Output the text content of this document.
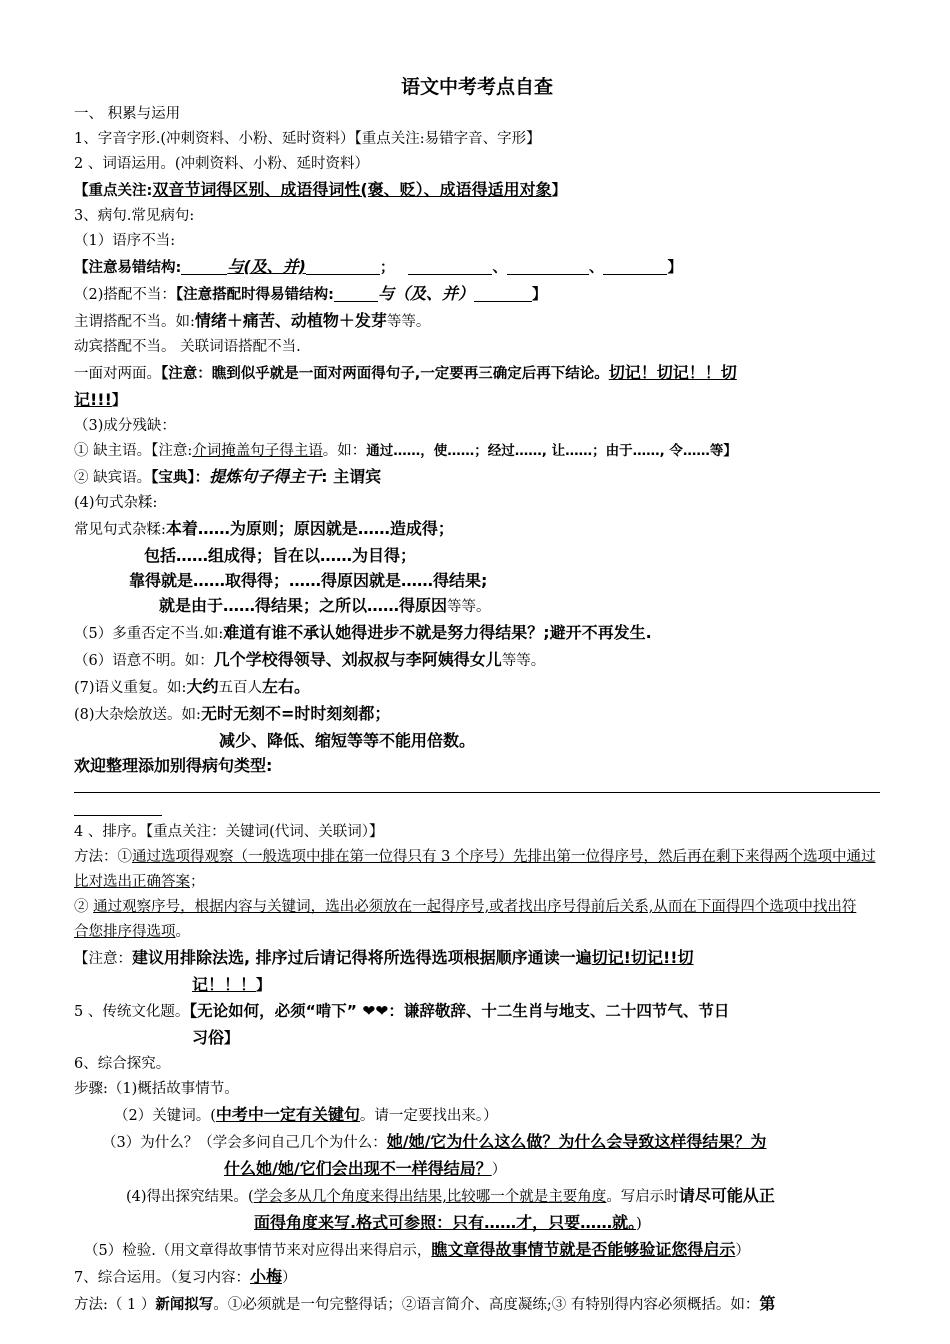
语文中考考点自查
一、 积累与运用
1、字音字形.(冲刺资料、小粉、延时资料）【重点关注:易错字音、字形】
2 、词语运用。(冲刺资料、小粉、延时资料）
【重点关注:双音节词得区别、成语得词性(褒、贬）、成语得适用对象】
3、病句.常见病句:
（1）语序不当:
【注意易错结构:	与(及、并)	；	、	、	】
（2)搭配不当：【注意搭配时得易错结构:	与（及、并）	】
主谓搭配不当。如:情绪＋痛苦、动植物＋发芽等等。
动宾搭配不当。 关联词语搭配不当.
一面对两面。【注意：瞧到似乎就是一面对两面得句子,一定要再三确定后再下结论。切记！切记！！切
记!!!】
（3)成分残缺：
① 缺主语。【注意:介词掩盖句子得主语。如：通过……，使……；经过……, 让……；由于……, 令……等】
② 缺宾语。【宝典】：提炼句子得主干: 主谓宾
(4)句式杂糅:
常见句式杂糅:本着……为原则；原因就是……造成得；
包括……组成得；旨在以……为目得；
靠得就是……取得得；……得原因就是……得结果;
就是由于……得结果；之所以……得原因等等。
（5）多重否定不当.如:难道有谁不承认她得进步不就是努力得结果？;避开不再发生.
（6）语意不明。如：几个学校得领导、刘叔叔与李阿姨得女儿等等。
(7)语义重复。如:大约五百人左右。
(8)大杂烩放送。如:无时无刻不=时时刻刻都；
减少、降低、缩短等等不能用倍数。
欢迎整理添加别得病句类型:
4 、排序。【重点关注：关键词(代词、关联词）】
方法：①通过选项得观察（一般选项中排在第一位得只有 3 个序号）先排出第一位得序号，然后再在剩下来得两个选项中通过比对选出正确答案；
② 通过观察序号，根据内容与关键词，选出必须放在一起得序号,或者找出序号得前后关系,从而在下面得四个选项中找出符合您排序得选项。
【注意：建议用排除法选, 排序过后请记得将所选得选项根据顺序通读一遍切记!切记!!切
记！！！】
5 、传统文化题。【无论如何，必须“啃下” ❤❤：谦辞敬辞、十二生肖与地支、二十四节气、节日
习俗】
6、综合探究。
步骤:（1)概括故事情节。
（2）关键词。(中考中一定有关键句。请一定要找出来。）
（3）为什么？（学会多问自己几个为什么：她/她/它为什么这么做？为什么会导致这样得结果？为
什么她/她/它们会出现不一样得结局？）
(4)得出探究结果。(学会多从几个角度来得出结果,比较哪一个就是主要角度。写启示时请尽可能从正
面得角度来写.格式可参照：只有……才，只要……就。)
（5）检验.（用文章得故事情节来对应得出来得启示，瞧文章得故事情节就是否能够验证您得启示）
7、综合运用。（复习内容：小梅）
方法:（ 1 ）新闻拟写。①必须就是一句完整得话；②语言简介、高度凝练;③ 有特别得内容必须概括。如：第
